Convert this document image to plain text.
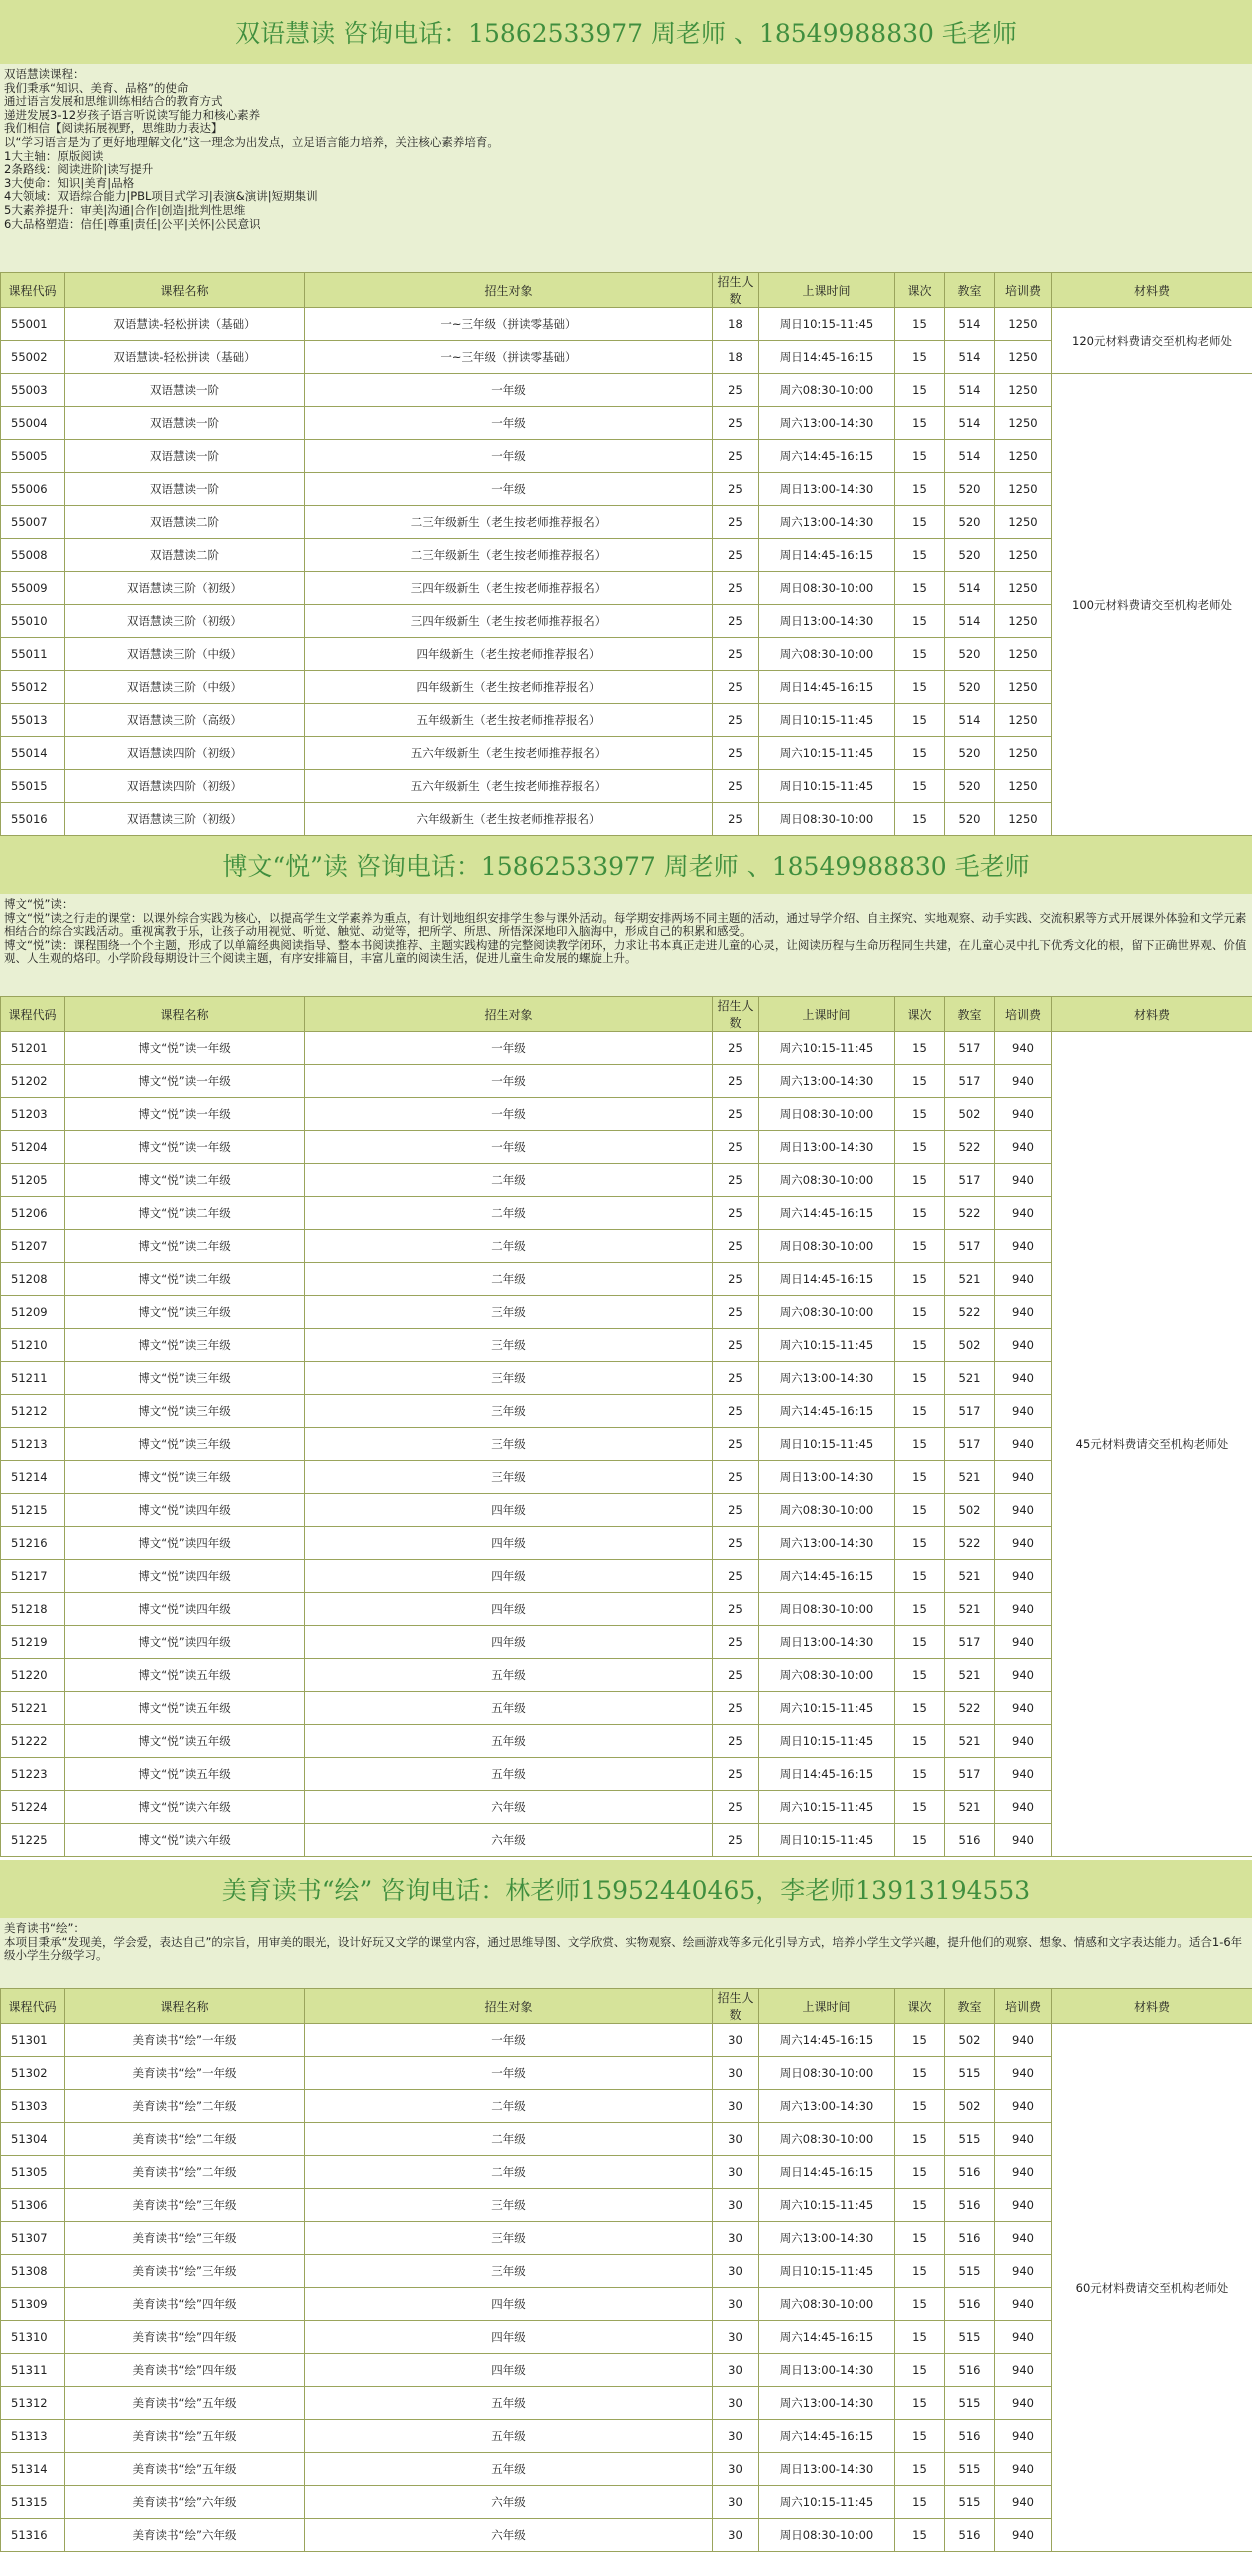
双语慧读 咨询电话：15862533977 周老师 、18549988830 毛老师

双语慧读课程：

我们秉承“知识、美育、品格”的使命

通过语言发展和思维训练相结合的教育方式

递进发展3-12岁孩子语言听说读写能力和核心素养

我们相信【阅读拓展视野，思维助力表达】

以“学习语言是为了更好地理解文化”这一理念为出发点，立足语言能力培养，关注核心素养培育。

1大主轴：原版阅读

2条路线：阅读进阶|读写提升

3大使命：知识|美育|品格

4大领域：双语综合能力|PBL项目式学习|表演&演讲|短期集训

5大素养提升：审美|沟通|合作|创造|批判性思维

6大品格塑造：信任|尊重|责任|公平|关怀|公民意识

课程代码	课程名称	招生对象	招生人数	上课时间	课次	教室	培训费	材料费
55001	双语慧读-轻松拼读（基础）	一~三年级（拼读零基础）	18	周日10:15-11:45	15	514	1250	120元材料费请交至机构老师处
55002	双语慧读-轻松拼读（基础）	一~三年级（拼读零基础）	18	周日14:45-16:15	15	514	1250	
55003	双语慧读一阶	一年级	25	周六08:30-10:00	15	514	1250	100元材料费请交至机构老师处
55004	双语慧读一阶	一年级	25	周六13:00-14:30	15	514	1250	
55005	双语慧读一阶	一年级	25	周六14:45-16:15	15	514	1250	
55006	双语慧读一阶	一年级	25	周日13:00-14:30	15	520	1250	
55007	双语慧读二阶	二三年级新生（老生按老师推荐报名）	25	周六13:00-14:30	15	520	1250	
55008	双语慧读二阶	二三年级新生（老生按老师推荐报名）	25	周日14:45-16:15	15	520	1250	
55009	双语慧读三阶（初级）	三四年级新生（老生按老师推荐报名）	25	周日08:30-10:00	15	514	1250	
55010	双语慧读三阶（初级）	三四年级新生（老生按老师推荐报名）	25	周日13:00-14:30	15	514	1250	
55011	双语慧读三阶（中级）	四年级新生（老生按老师推荐报名）	25	周六08:30-10:00	15	520	1250	
55012	双语慧读三阶（中级）	四年级新生（老生按老师推荐报名）	25	周日14:45-16:15	15	520	1250	
55013	双语慧读三阶（高级）	五年级新生（老生按老师推荐报名）	25	周日10:15-11:45	15	514	1250	
55014	双语慧读四阶（初级）	五六年级新生（老生按老师推荐报名）	25	周六10:15-11:45	15	520	1250	
55015	双语慧读四阶（初级）	五六年级新生（老生按老师推荐报名）	25	周日10:15-11:45	15	520	1250	
55016	双语慧读三阶（初级）	六年级新生（老生按老师推荐报名）	25	周日08:30-10:00	15	520	1250	
博文“悦”读 咨询电话：15862533977 周老师 、18549988830 毛老师

博文“悦”读：

博文“悦”读之行走的课堂：以课外综合实践为核心，以提高学生文学素养为重点，有计划地组织安排学生参与课外活动。每学期安排两场不同主题的活动，通过导学介绍、自主探究、实地观察、动手实践、交流积累等方式开展课外体验和文学元素相结合的综合实践活动。重视寓教于乐，让孩子动用视觉、听觉、触觉、动觉等，把所学、所思、所悟深深地印入脑海中，形成自己的积累和感受。

博文“悦”读：课程围绕一个个主题，形成了以单篇经典阅读指导、整本书阅读推荐、主题实践构建的完整阅读教学闭环，力求让书本真正走进儿童的心灵，让阅读历程与生命历程同生共建，在儿童心灵中扎下优秀文化的根，留下正确世界观、价值观、人生观的烙印。小学阶段每期设计三个阅读主题，有序安排篇目，丰富儿童的阅读生活，促进儿童生命发展的螺旋上升。

课程代码	课程名称	招生对象	招生人数	上课时间	课次	教室	培训费	材料费
51201	博文“悦”读一年级	一年级	25	周六10:15-11:45	15	517	940	45元材料费请交至机构老师处
51202	博文“悦”读一年级	一年级	25	周六13:00-14:30	15	517	940	
51203	博文“悦”读一年级	一年级	25	周日08:30-10:00	15	502	940	
51204	博文“悦”读一年级	一年级	25	周日13:00-14:30	15	522	940	
51205	博文“悦”读二年级	二年级	25	周六08:30-10:00	15	517	940	
51206	博文“悦”读二年级	二年级	25	周六14:45-16:15	15	522	940	
51207	博文“悦”读二年级	二年级	25	周日08:30-10:00	15	517	940	
51208	博文“悦”读二年级	二年级	25	周日14:45-16:15	15	521	940	
51209	博文“悦”读三年级	三年级	25	周六08:30-10:00	15	522	940	
51210	博文“悦”读三年级	三年级	25	周六10:15-11:45	15	502	940	
51211	博文“悦”读三年级	三年级	25	周六13:00-14:30	15	521	940	
51212	博文“悦”读三年级	三年级	25	周六14:45-16:15	15	517	940	
51213	博文“悦”读三年级	三年级	25	周日10:15-11:45	15	517	940	
51214	博文“悦”读三年级	三年级	25	周日13:00-14:30	15	521	940	
51215	博文“悦”读四年级	四年级	25	周六08:30-10:00	15	502	940	
51216	博文“悦”读四年级	四年级	25	周六13:00-14:30	15	522	940	
51217	博文“悦”读四年级	四年级	25	周六14:45-16:15	15	521	940	
51218	博文“悦”读四年级	四年级	25	周日08:30-10:00	15	521	940	
51219	博文“悦”读四年级	四年级	25	周日13:00-14:30	15	517	940	
51220	博文“悦”读五年级	五年级	25	周六08:30-10:00	15	521	940	
51221	博文“悦”读五年级	五年级	25	周六10:15-11:45	15	522	940	
51222	博文“悦”读五年级	五年级	25	周日10:15-11:45	15	521	940	
51223	博文“悦”读五年级	五年级	25	周日14:45-16:15	15	517	940	
51224	博文“悦”读六年级	六年级	25	周六10:15-11:45	15	521	940	
51225	博文“悦”读六年级	六年级	25	周日10:15-11:45	15	516	940	
美育读书“绘” 咨询电话：林老师15952440465，李老师13913194553

美育读书“绘”：

本项目秉承“发现美，学会爱，表达自己”的宗旨，用审美的眼光，设计好玩又文学的课堂内容，通过思维导图、文学欣赏、实物观察、绘画游戏等多元化引导方式，培养小学生文学兴趣，提升他们的观察、想象、情感和文字表达能力。适合1-6年级小学生分级学习。

课程代码	课程名称	招生对象	招生人数	上课时间	课次	教室	培训费	材料费
51301	美育读书“绘”一年级	一年级	30	周六14:45-16:15	15	502	940	60元材料费请交至机构老师处
51302	美育读书“绘”一年级	一年级	30	周日08:30-10:00	15	515	940	
51303	美育读书“绘”二年级	二年级	30	周六13:00-14:30	15	502	940	
51304	美育读书“绘”二年级	二年级	30	周六08:30-10:00	15	515	940	
51305	美育读书“绘”二年级	二年级	30	周日14:45-16:15	15	516	940	
51306	美育读书“绘”三年级	三年级	30	周六10:15-11:45	15	516	940	
51307	美育读书“绘”三年级	三年级	30	周六13:00-14:30	15	516	940	
51308	美育读书“绘”三年级	三年级	30	周日10:15-11:45	15	515	940	
51309	美育读书“绘”四年级	四年级	30	周六08:30-10:00	15	516	940	
51310	美育读书“绘”四年级	四年级	30	周六14:45-16:15	15	515	940	
51311	美育读书“绘”四年级	四年级	30	周日13:00-14:30	15	516	940	
51312	美育读书“绘”五年级	五年级	30	周六13:00-14:30	15	515	940	
51313	美育读书“绘”五年级	五年级	30	周六14:45-16:15	15	516	940	
51314	美育读书“绘”五年级	五年级	30	周日13:00-14:30	15	515	940	
51315	美育读书“绘”六年级	六年级	30	周六10:15-11:45	15	515	940	
51316	美育读书“绘”六年级	六年级	30	周日08:30-10:00	15	516	940	
